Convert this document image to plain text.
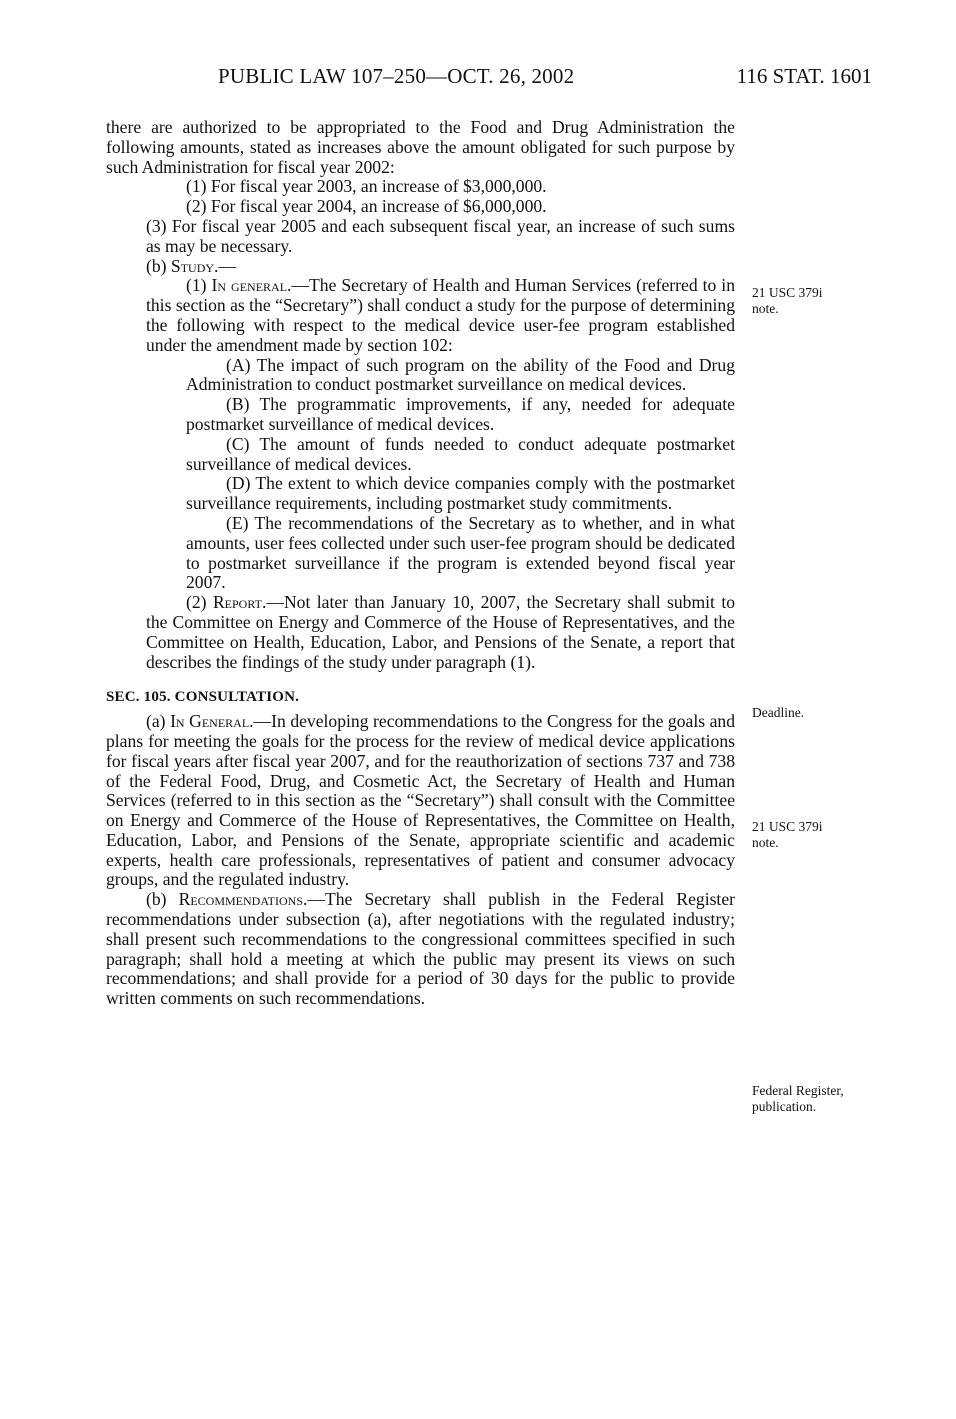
PUBLIC LAW 107–250—OCT. 26, 2002	116 STAT. 1601
21 USC 379i
note.
Deadline.
21 USC 379i
note.
Federal Register,
publication.

there are authorized to be appropriated to the Food and Drug Administration the following amounts, stated as increases above the amount obligated for such purpose by such Administration for fiscal year 2002:

(1) For fiscal year 2003, an increase of $3,000,000.

(2) For fiscal year 2004, an increase of $6,000,000.

(3) For fiscal year 2005 and each subsequent fiscal year, an increase of such sums as may be necessary.

(b) Study.—

(1) In general.—The Secretary of Health and Human Services (referred to in this section as the “Secretary”) shall conduct a study for the purpose of determining the following with respect to the medical device user-fee program established under the amendment made by section 102:

(A) The impact of such program on the ability of the Food and Drug Administration to conduct postmarket surveillance on medical devices.

(B) The programmatic improvements, if any, needed for adequate postmarket surveillance of medical devices.

(C) The amount of funds needed to conduct adequate postmarket surveillance of medical devices.

(D) The extent to which device companies comply with the postmarket surveillance requirements, including postmarket study commitments.

(E) The recommendations of the Secretary as to whether, and in what amounts, user fees collected under such user-fee program should be dedicated to postmarket surveillance if the program is extended beyond fiscal year 2007.

(2) Report.—Not later than January 10, 2007, the Secretary shall submit to the Committee on Energy and Commerce of the House of Representatives, and the Committee on Health, Education, Labor, and Pensions of the Senate, a report that describes the findings of the study under paragraph (1).

SEC. 105. CONSULTATION.

(a) In General.—In developing recommendations to the Congress for the goals and plans for meeting the goals for the process for the review of medical device applications for fiscal years after fiscal year 2007, and for the reauthorization of sections 737 and 738 of the Federal Food, Drug, and Cosmetic Act, the Secretary of Health and Human Services (referred to in this section as the “Secretary”) shall consult with the Committee on Energy and Commerce of the House of Representatives, the Committee on Health, Education, Labor, and Pensions of the Senate, appropriate scientific and academic experts, health care professionals, representatives of patient and consumer advocacy groups, and the regulated industry.

(b) Recommendations.—The Secretary shall publish in the Federal Register recommendations under subsection (a), after negotiations with the regulated industry; shall present such recommendations to the congressional committees specified in such paragraph; shall hold a meeting at which the public may present its views on such recommendations; and shall provide for a period of 30 days for the public to provide written comments on such recommendations.
